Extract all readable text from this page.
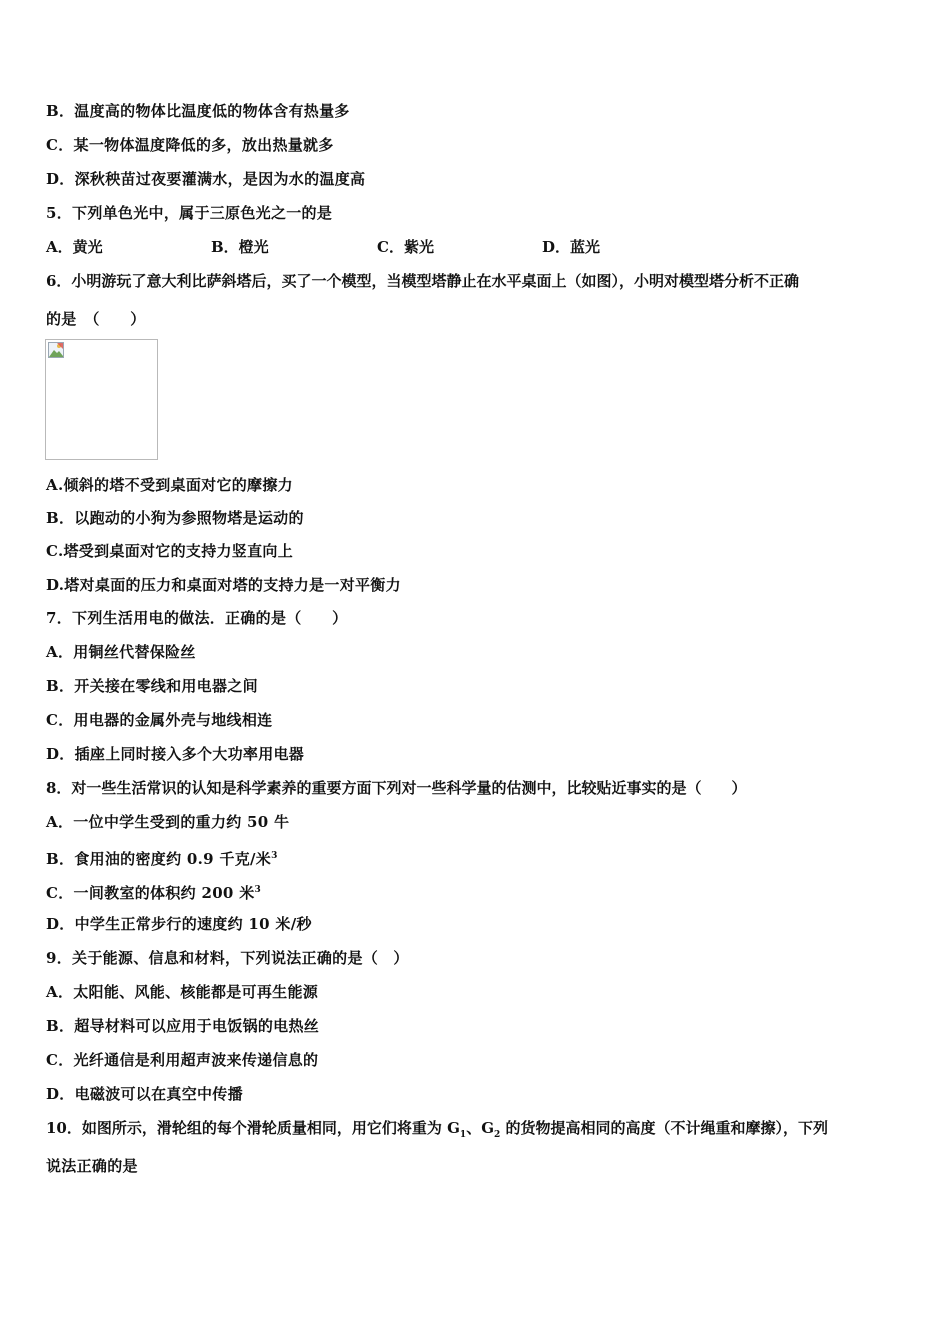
B．温度高的物体比温度低的物体含有热量多
C．某一物体温度降低的多，放出热量就多
D．深秋秧苗过夜要灌满水，是因为水的温度高
5．下列单色光中，属于三原色光之一的是
A．黄光	B．橙光	C．紫光	D．蓝光
6．小明游玩了意大利比萨斜塔后，买了一个模型，当模型塔静止在水平桌面上（如图），小明对模型塔分析不正确
的是　（　　）
A.倾斜的塔不受到桌面对它的摩擦力
B．以跑动的小狗为参照物塔是运动的
C.塔受到桌面对它的支持力竖直向上
D.塔对桌面的压力和桌面对塔的支持力是一对平衡力
7．下列生活用电的做法．正确的是（　　）
A．用铜丝代替保险丝
B．开关接在零线和用电器之间
C．用电器的金属外壳与地线相连
D．插座上同时接入多个大功率用电器
8．对一些生活常识的认知是科学素养的重要方面下列对一些科学量的估测中，比较贴近事实的是（　　）
A．一位中学生受到的重力约 50 牛
B．食用油的密度约 0.9 千克/米$^3$
C．一间教室的体积约 200 米$^3$
D．中学生正常步行的速度约 10 米/秒
9．关于能源、信息和材料，下列说法正确的是（　）
A．太阳能、风能、核能都是可再生能源
B．超导材料可以应用于电饭锅的电热丝
C．光纤通信是利用超声波来传递信息的
D．电磁波可以在真空中传播
10．如图所示，滑轮组的每个滑轮质量相同，用它们将重为 $G_1$、$G_2$ 的货物提高相同的高度（不计绳重和摩擦），下列
说法正确的是
